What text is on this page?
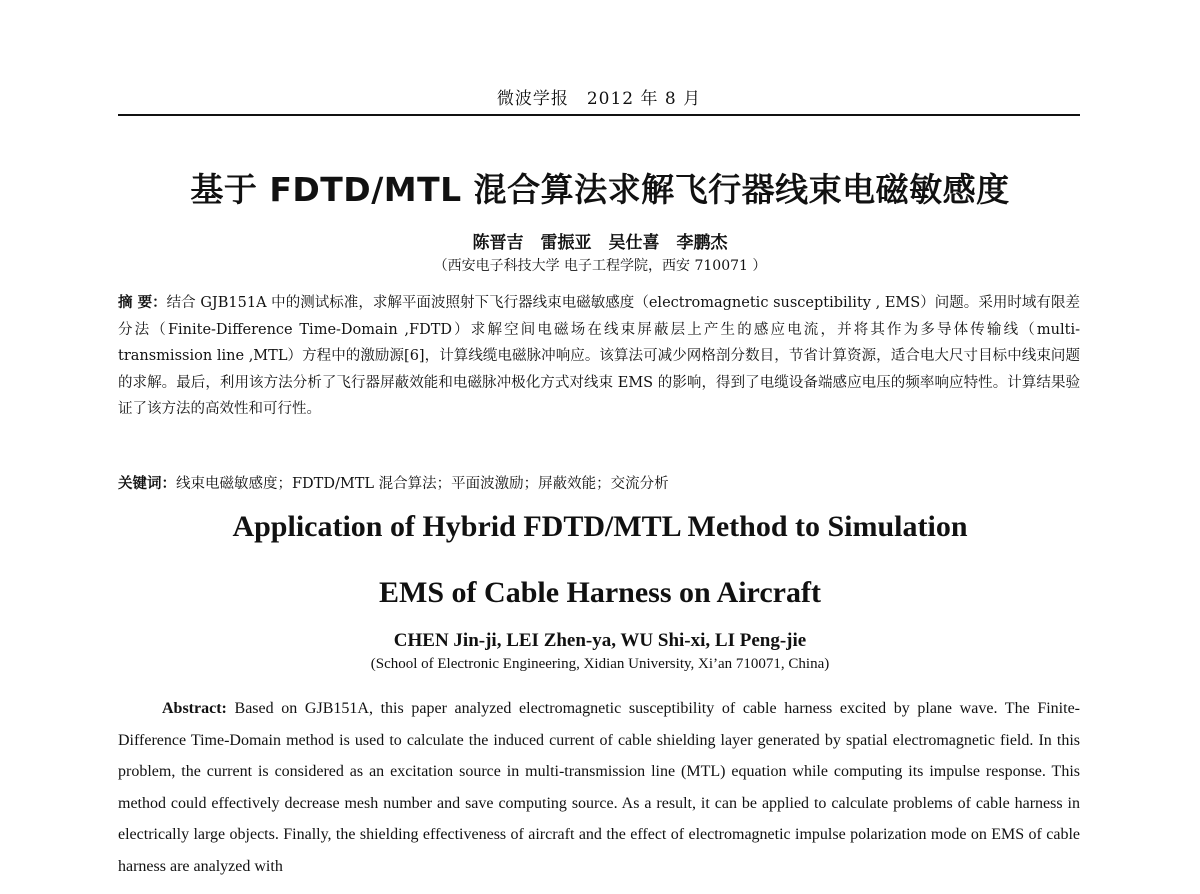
微波学报　2012 年 8 月
基于 FDTD/MTL 混合算法求解飞行器线束电磁敏感度
陈晋吉　雷振亚　吴仕喜　李鹏杰
（西安电子科技大学 电子工程学院，西安 710071 ）
摘 要：结合 GJB151A 中的测试标准，求解平面波照射下飞行器线束电磁敏感度（electromagnetic susceptibility , EMS）问题。采用时域有限差分法（Finite-Difference Time-Domain ,FDTD）求解空间电磁场在线束屏蔽层上产生的感应电流，并将其作为多导体传输线（multi-transmission line ,MTL）方程中的激励源[6]，计算线缆电磁脉冲响应。该算法可减少网格剖分数目，节省计算资源，适合电大尺寸目标中线束问题的求解。最后，利用该方法分析了飞行器屏蔽效能和电磁脉冲极化方式对线束 EMS 的影响，得到了电缆设备端感应电压的频率响应特性。计算结果验证了该方法的高效性和可行性。
关键词：线束电磁敏感度；FDTD/MTL 混合算法；平面波激励；屏蔽效能；交流分析
Application of Hybrid FDTD/MTL Method to Simulation
EMS of Cable Harness on Aircraft
CHEN Jin-ji, LEI Zhen-ya, WU Shi-xi, LI Peng-jie
(School of Electronic Engineering, Xidian University, Xi’an 710071, China)
Abstract: Based on GJB151A, this paper analyzed electromagnetic susceptibility of cable harness excited by plane wave. The Finite-Difference Time-Domain method is used to calculate the induced current of cable shielding layer generated by spatial electromagnetic field. In this problem, the current is considered as an excitation source in multi-transmission line (MTL) equation while computing its impulse response. This method could effectively decrease mesh number and save computing source. As a result, it can be applied to calculate problems of cable harness in electrically large objects. Finally, the shielding effectiveness of aircraft and the effect of electromagnetic impulse polarization mode on EMS of cable harness are analyzed with
